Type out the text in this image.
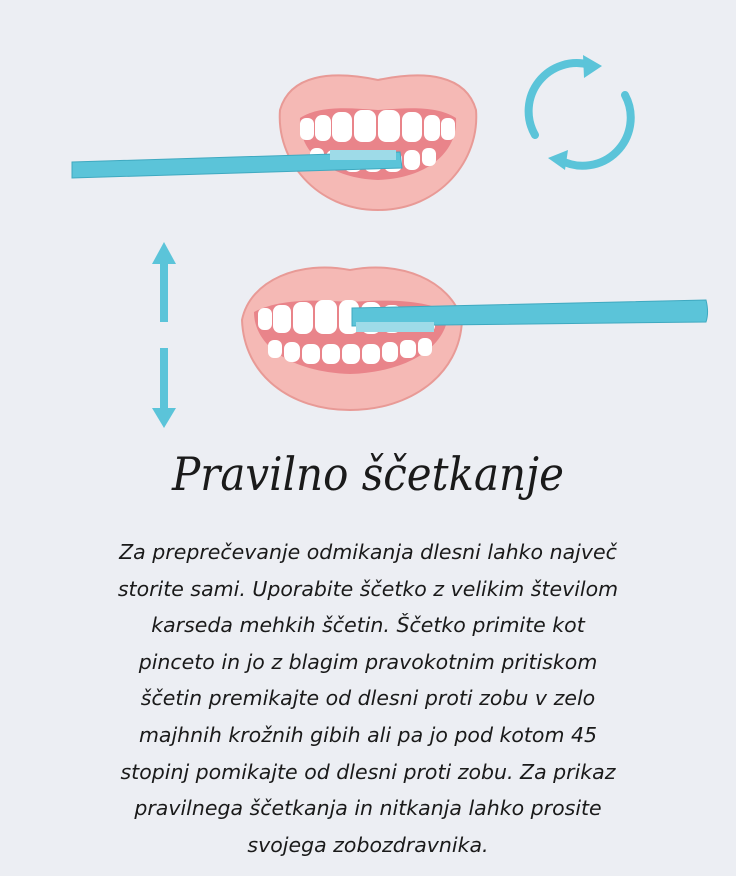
Pravilno ščetkanje
Za preprečevanje odmikanja dlesni lahko največ
storite sami. Uporabite ščetko z velikim številom
karseda mehkih ščetin. Ščetko primite kot
pinceto in jo z blagim pravokotnim pritiskom
ščetin premikajte od dlesni proti zobu v zelo
majhnih krožnih gibih ali pa jo pod kotom 45
stopinj pomikajte od dlesni proti zobu. Za prikaz
pravilnega ščetkanja in nitkanja lahko prosite
svojega zobozdravnika.
